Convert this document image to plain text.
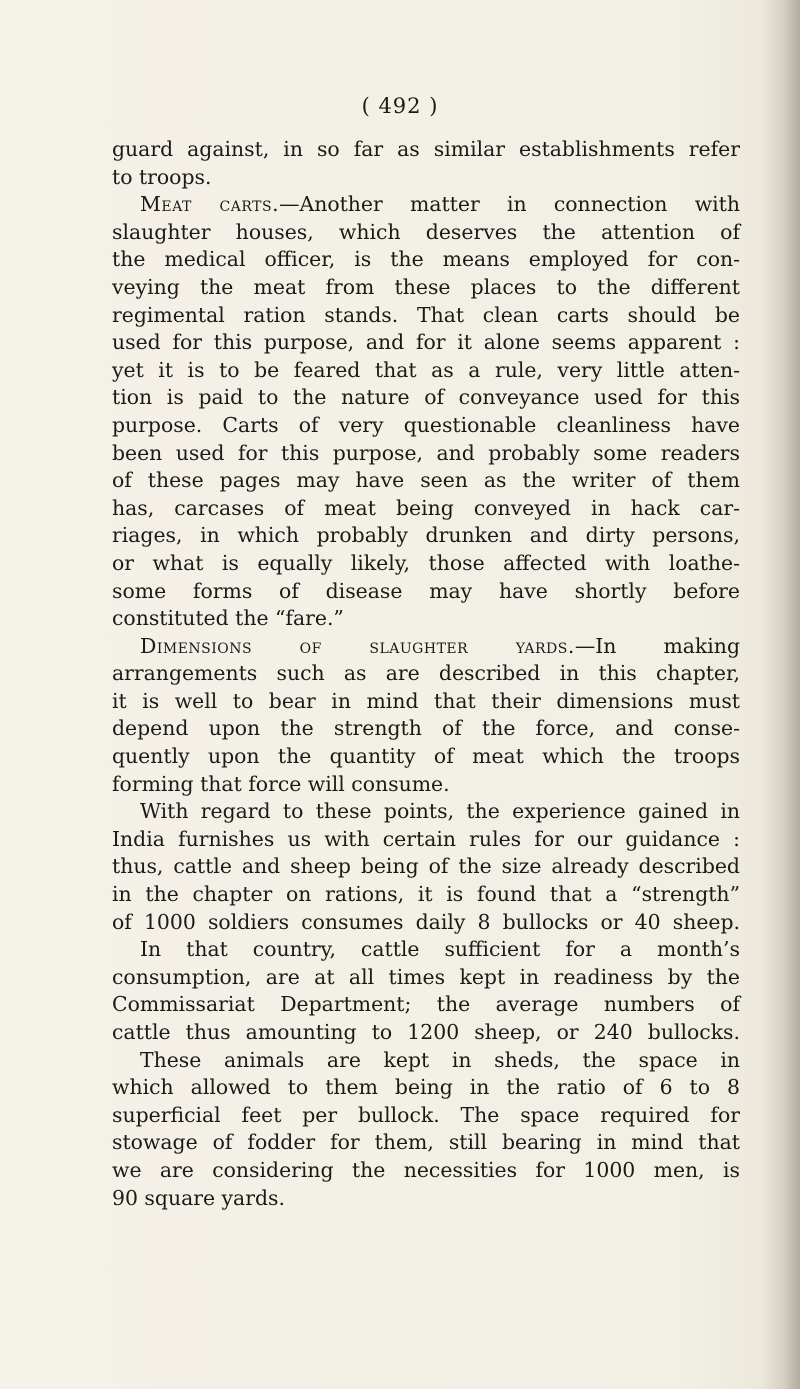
( 492 )
guard against, in so far as similar establishments refer
to troops.
Meat carts.—Another matter in connection with
slaughter houses, which deserves the attention of
the medical officer, is the means employed for con-
veying the meat from these places to the different
regimental ration stands. That clean carts should be
used for this purpose, and for it alone seems apparent :
yet it is to be feared that as a rule, very little atten-
tion is paid to the nature of conveyance used for this
purpose. Carts of very questionable cleanliness have
been used for this purpose, and probably some readers
of these pages may have seen as the writer of them
has, carcases of meat being conveyed in hack car-
riages, in which probably drunken and dirty persons,
or what is equally likely, those affected with loathe-
some forms of disease may have shortly before
constituted the “fare.”
Dimensions of slaughter yards.—In making
arrangements such as are described in this chapter,
it is well to bear in mind that their dimensions must
depend upon the strength of the force, and conse-
quently upon the quantity of meat which the troops
forming that force will consume.
With regard to these points, the experience gained in
India furnishes us with certain rules for our guidance :
thus, cattle and sheep being of the size already described
in the chapter on rations, it is found that a “strength”
of 1000 soldiers consumes daily 8 bullocks or 40 sheep.
In that country, cattle sufficient for a month’s
consumption, are at all times kept in readiness by the
Commissariat Department; the average numbers of
cattle thus amounting to 1200 sheep, or 240 bullocks.
These animals are kept in sheds, the space in
which allowed to them being in the ratio of 6 to 8
superficial feet per bullock. The space required for
stowage of fodder for them, still bearing in mind that
we are considering the necessities for 1000 men, is
90 square yards.
